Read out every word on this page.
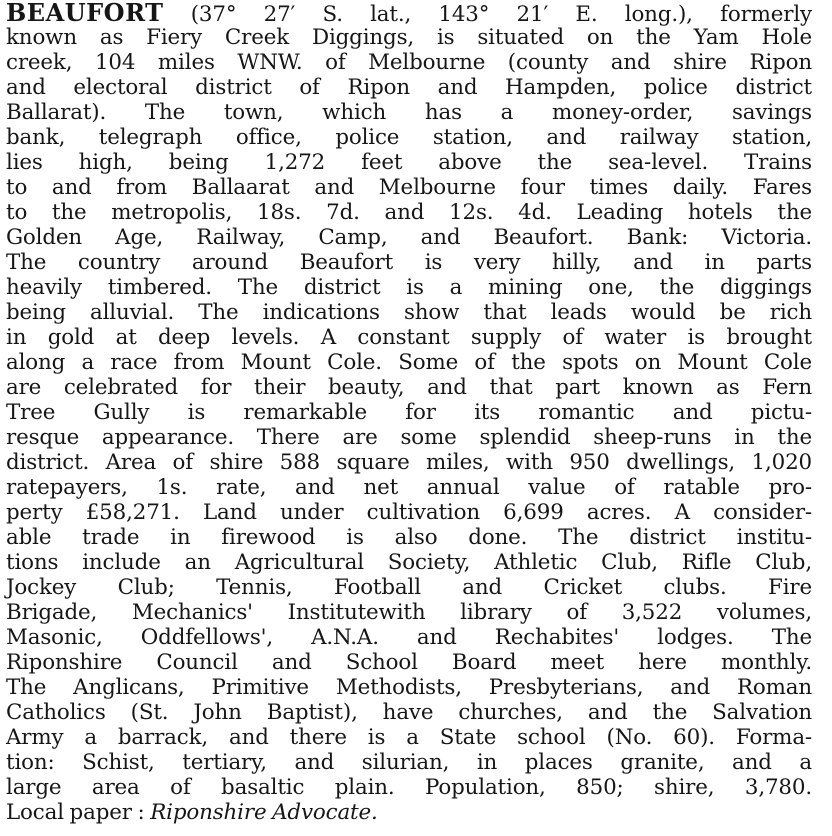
BEAUFORT (37° 27′ S. lat., 143° 21′ E. long.), formerly
known as Fiery Creek Diggings, is situated on the Yam Hole
creek, 104 miles WNW. of Melbourne (county and shire Ripon
and electoral district of Ripon and Hampden, police district
Ballarat). The town, which has a money-order, savings
bank, telegraph office, police station, and railway station,
lies high, being 1,272 feet above the sea-level. Trains
to and from Ballaarat and Melbourne four times daily. Fares
to the metropolis, 18s. 7d. and 12s. 4d. Leading hotels the
Golden Age, Railway, Camp, and Beaufort. Bank: Victoria.
The country around Beaufort is very hilly, and in parts
heavily timbered. The district is a mining one, the diggings
being alluvial. The indications show that leads would be rich
in gold at deep levels. A constant supply of water is brought
along a race from Mount Cole. Some of the spots on Mount Cole
are celebrated for their beauty, and that part known as Fern
Tree Gully is remarkable for its romantic and pictu-
resque appearance. There are some splendid sheep-runs in the
district. Area of shire 588 square miles, with 950 dwellings, 1,020
ratepayers, 1s. rate, and net annual value of ratable pro-
perty £58,271. Land under cultivation 6,699 acres. A consider-
able trade in firewood is also done. The district institu-
tions include an Agricultural Society, Athletic Club, Rifle Club,
Jockey Club; Tennis, Football and Cricket clubs. Fire
Brigade, Mechanics' Institutewith library of 3,522 volumes,
Masonic, Oddfellows', A.N.A. and Rechabites' lodges. The
Riponshire Council and School Board meet here monthly.
The Anglicans, Primitive Methodists, Presbyterians, and Roman
Catholics (St. John Baptist), have churches, and the Salvation
Army a barrack, and there is a State school (No. 60). Forma-
tion: Schist, tertiary, and silurian, in places granite, and a
large area of basaltic plain. Population, 850; shire, 3,780.
Local paper : Riponshire Advocate.
